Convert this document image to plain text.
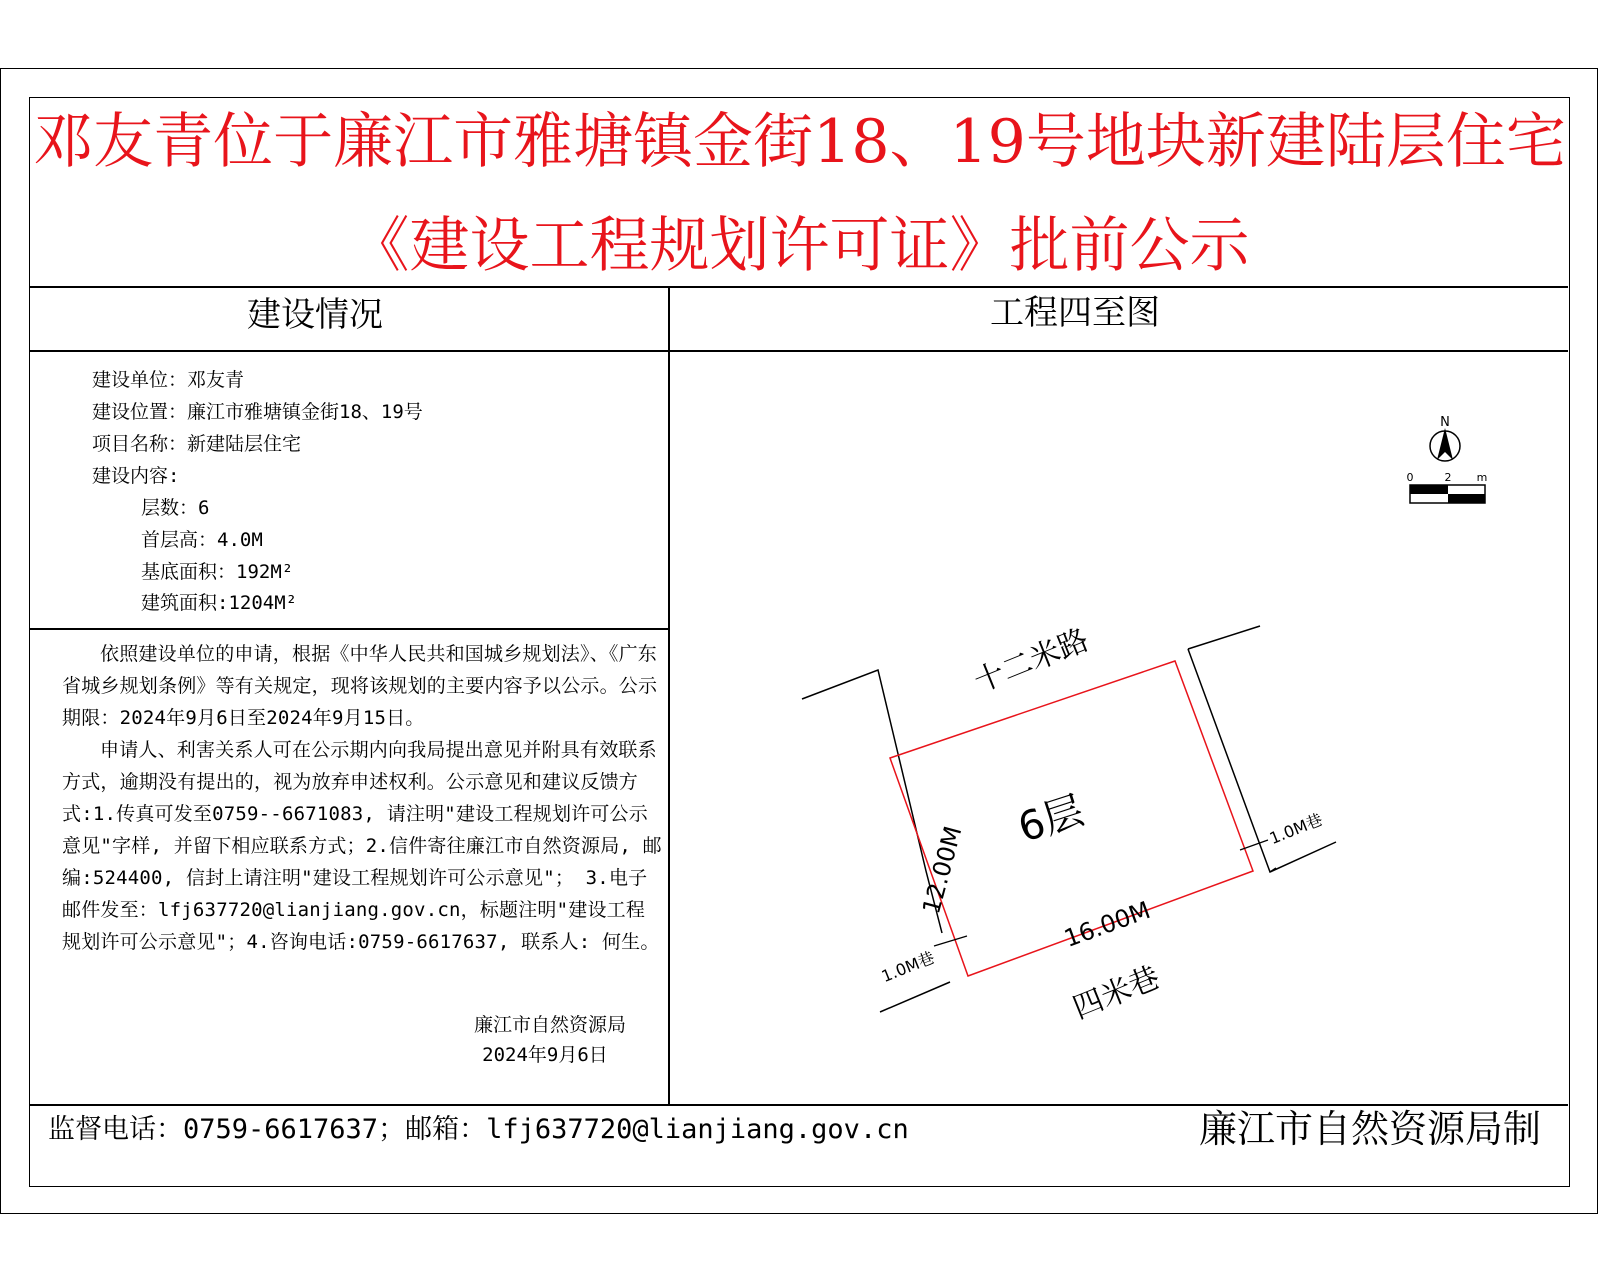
邓友青位于廉江市雅塘镇金街18、19号地块新建陆层住宅
《建设工程规划许可证》批前公示
建设情况	工程四至图
建设单位：邓友青
建设位置：廉江市雅塘镇金街18、19号
项目名称：新建陆层住宅
建设内容:
层数：6
首层高：4.0M
基底面积：192M²
建筑面积:1204M²

依照建设单位的申请，根据《中华人民共和国城乡规划法》、《广东省城乡规划条例》等有关规定，现将该规划的主要内容予以公示。公示期限：2024年9月6日至2024年9月15日。

申请人、利害关系人可在公示期内向我局提出意见并附具有效联系方式，逾期没有提出的，视为放弃申述权利。公示意见和建议反馈方式:1.传真可发至0759--6671083, 请注明"建设工程规划许可公示意见"字样, 并留下相应联系方式；2.信件寄往廉江市自然资源局, 邮编:524400, 信封上请注明"建设工程规划许可公示意见"； 3.电子邮件发至：lfj637720@lianjiang.gov.cn，标题注明"建设工程规划许可公示意见"；4.咨询电话:0759-6617637, 联系人: 何生。

廉江市自然资源局
2024年9月6日
N
0	2 m
十二米路
四米巷
6层
16.00M
12.00M	1.0M巷
1.0M巷
监督电话：0759-6617637；邮箱：lfj637720@lianjiang.gov.cn	廉江市自然资源局制
